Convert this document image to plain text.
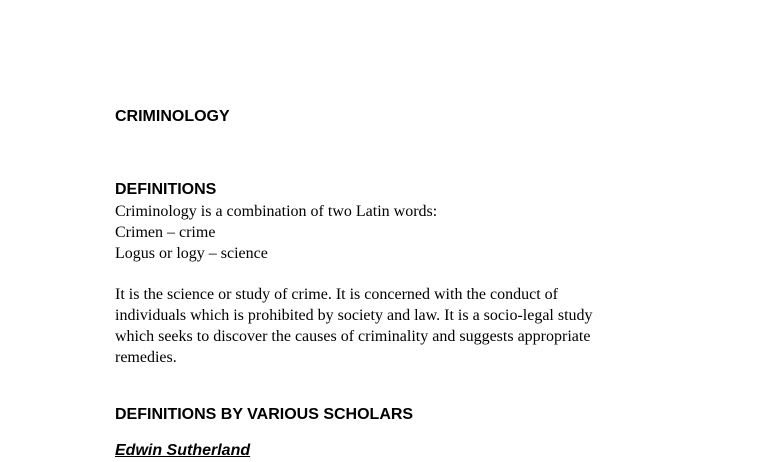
CRIMINOLOGY

DEFINITIONS

Criminology is a combination of two Latin words:

Crimen – crime

Logus or logy – science

It is the science or study of crime. It is concerned with the conduct of
individuals which is prohibited by society and law. It is a socio-legal study
which seeks to discover the causes of criminality and suggests appropriate
remedies.

DEFINITIONS BY VARIOUS SCHOLARS

Edwin Sutherland
